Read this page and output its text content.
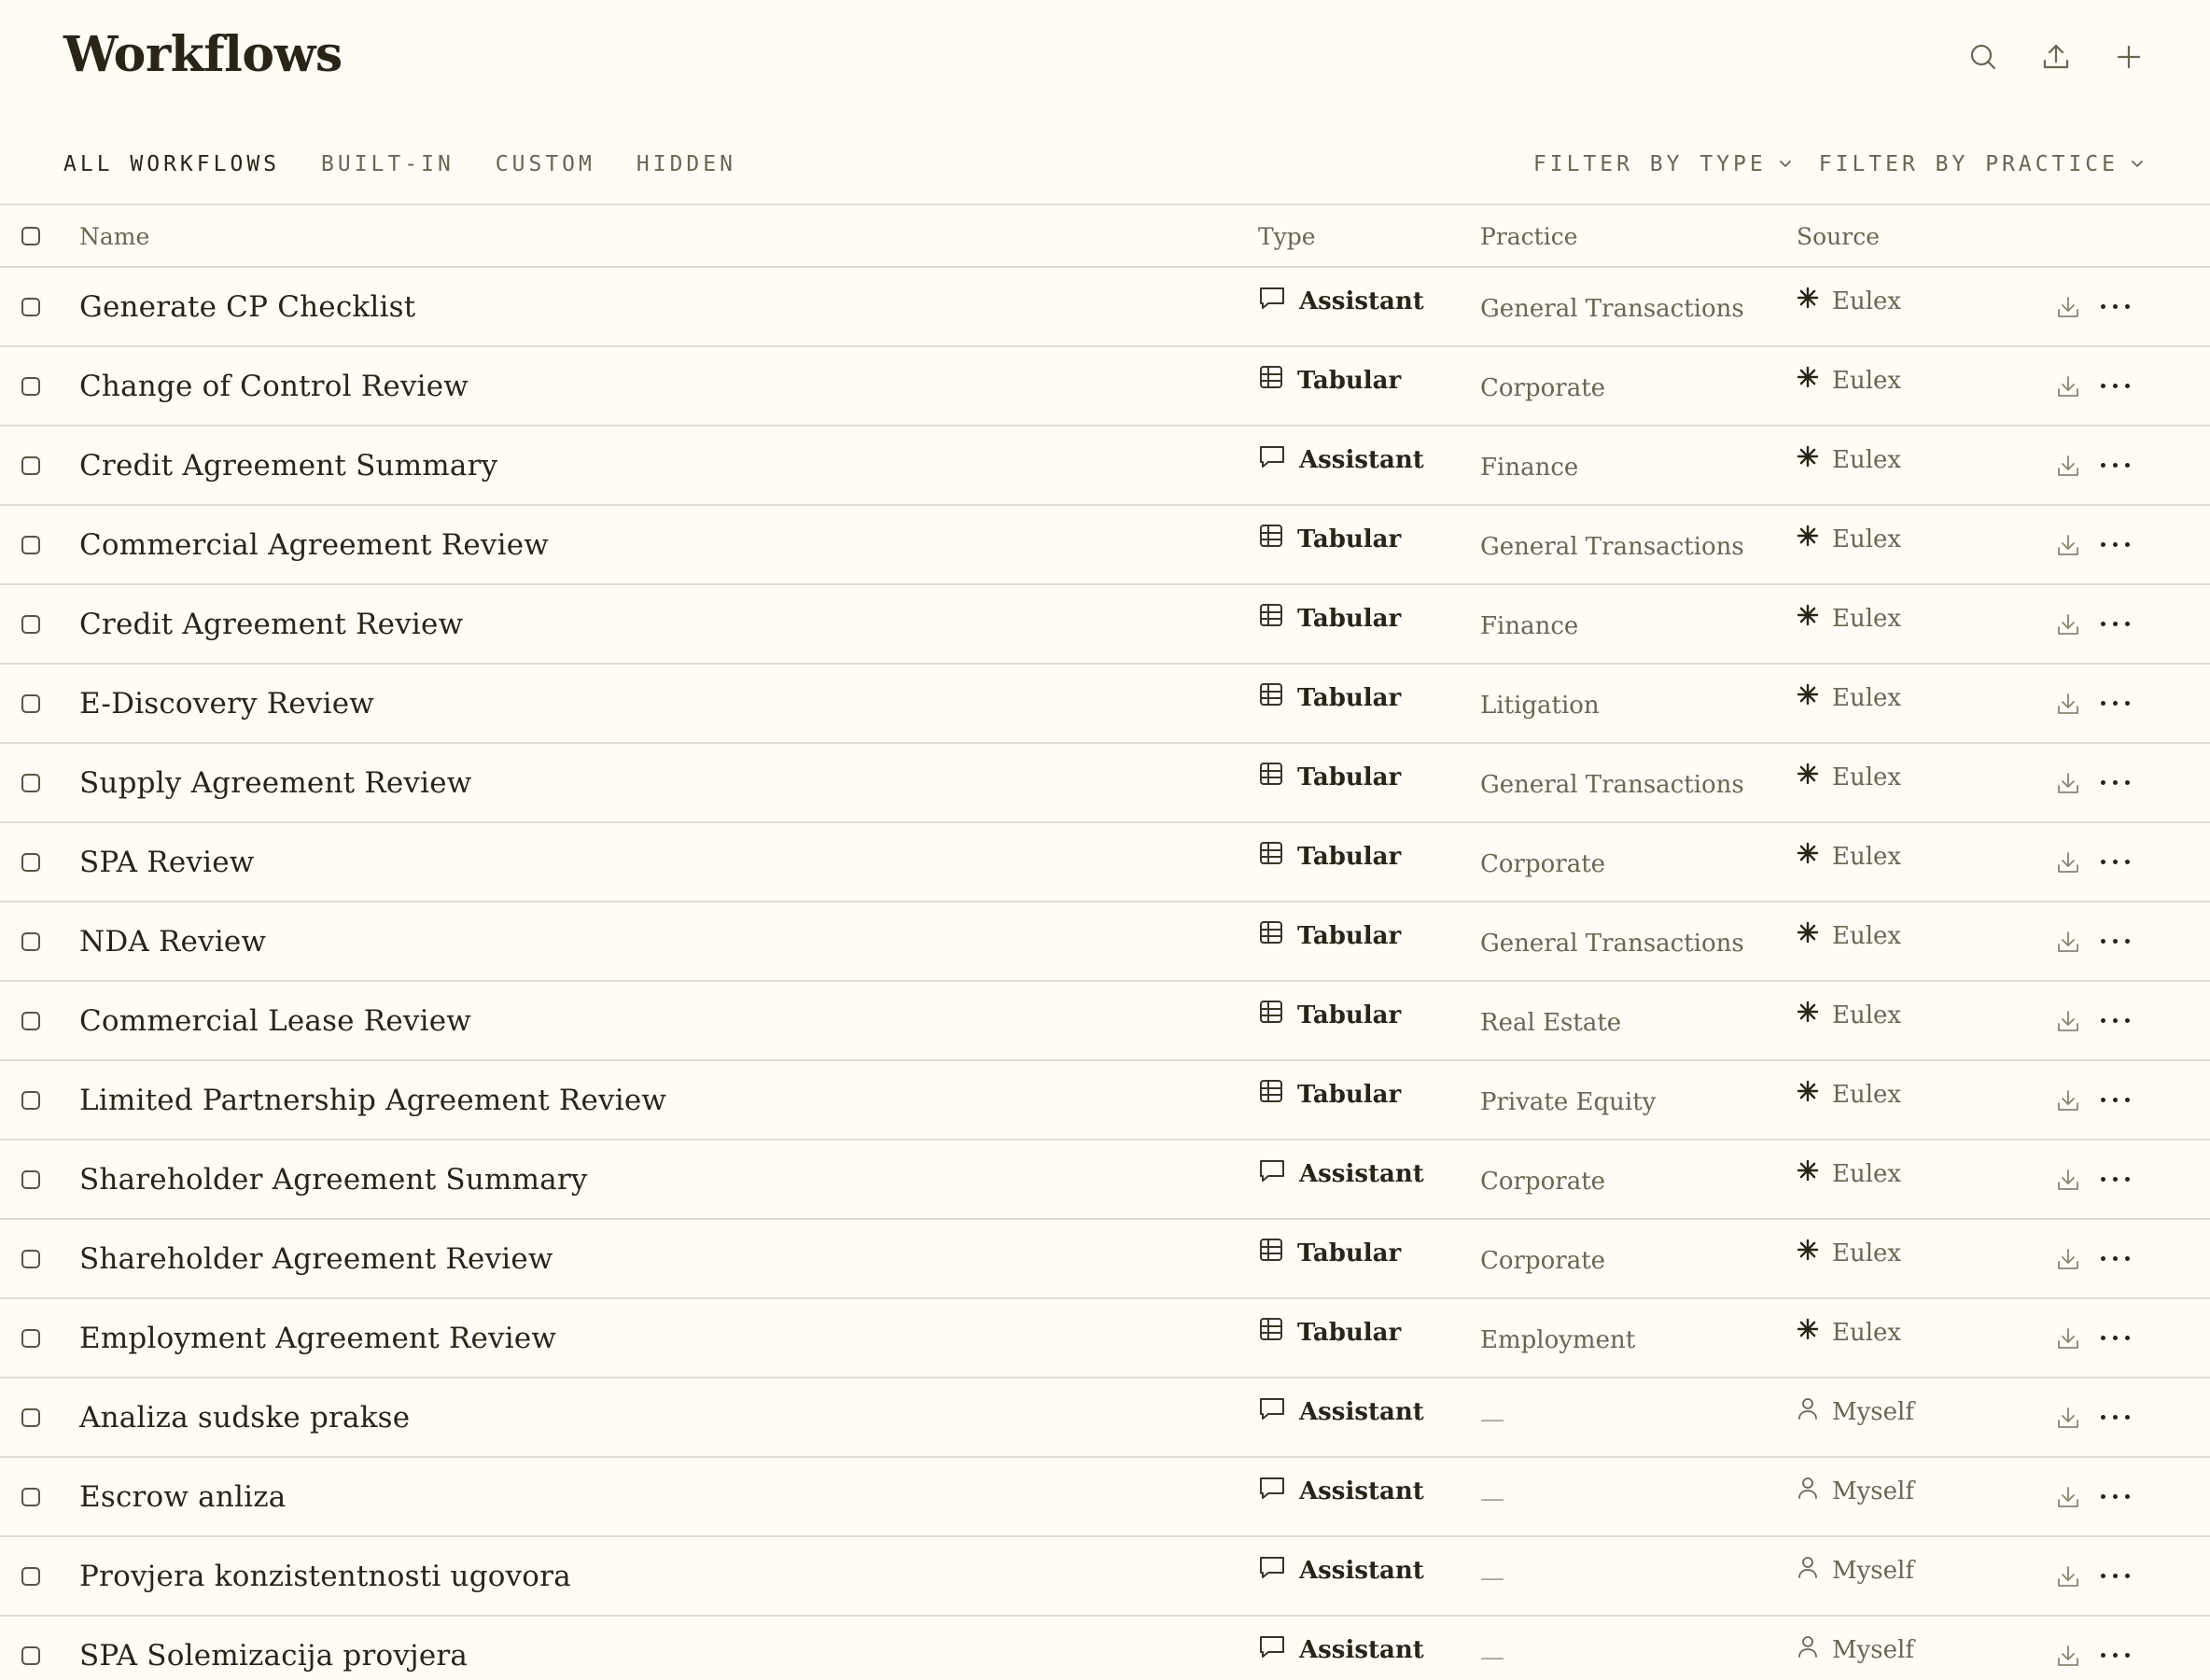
Workflows
ALL WORKFLOWS BUILT-IN CUSTOM HIDDEN	FILTER BY TYPE FILTER BY PRACTICE
Name	Type	Practice	Source
Generate CP Checklist	Assistant General Transactions	Eulex
Change of Control Review	Tabular	Corporate	Eulex
Credit Agreement Summary	Assistant Finance	Eulex
Commercial Agreement Review	Tabular	General Transactions	Eulex
Credit Agreement Review	Tabular	Finance	Eulex
E-Discovery Review	Tabular	Litigation	Eulex
Supply Agreement Review	Tabular	General Transactions	Eulex
SPA Review	Tabular	Corporate	Eulex
NDA Review	Tabular	General Transactions	Eulex
Commercial Lease Review	Tabular	Real Estate	Eulex
Limited Partnership Agreement Review	Tabular	Private Equity	Eulex
Shareholder Agreement Summary	Assistant Corporate	Eulex
Shareholder Agreement Review	Tabular	Corporate	Eulex
Employment Agreement Review	Tabular	Employment	Eulex
Analiza sudske prakse	Assistant —	Myself
Escrow anliza	Assistant —	Myself
Provjera konzistentnosti ugovora	Assistant —	Myself
SPA Solemizacija provjera	Assistant —	Myself
